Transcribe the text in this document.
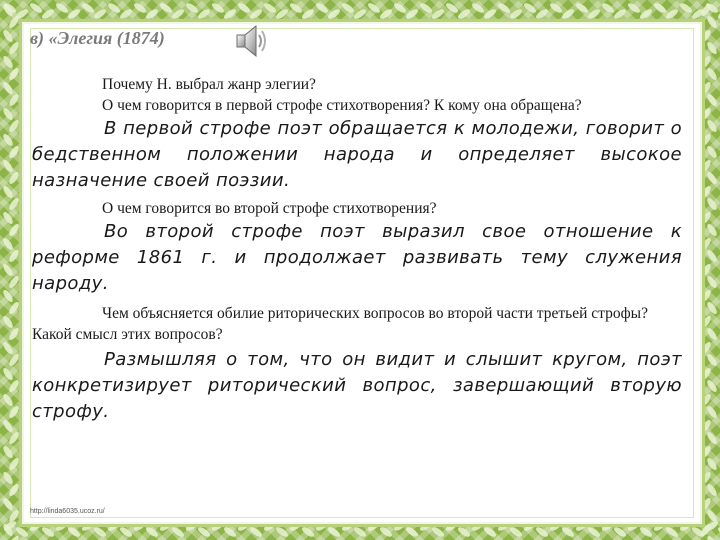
в) «Элегия (1874)

Почему Н. выбрал жанр элегии?

О чем говорится в первой строфе стихотворения? К кому она обращена?

В первой строфе поэт обращается к молодежи, говорит о бедственном положении народа и определяет высокое назначение своей поэзии.

О чем говорится во второй строфе стихотворения?

Во второй строфе поэт выразил свое отношение к реформе 1861 г. и продолжает развивать тему служения народу.

Чем объясняется обилие риторических вопросов во второй части третьей строфы? Какой смысл этих вопросов?

Размышляя о том, что он видит и слышит кругом, поэт конкретизирует риторический вопрос, завершающий вторую строфу.

http://linda6035.ucoz.ru/
